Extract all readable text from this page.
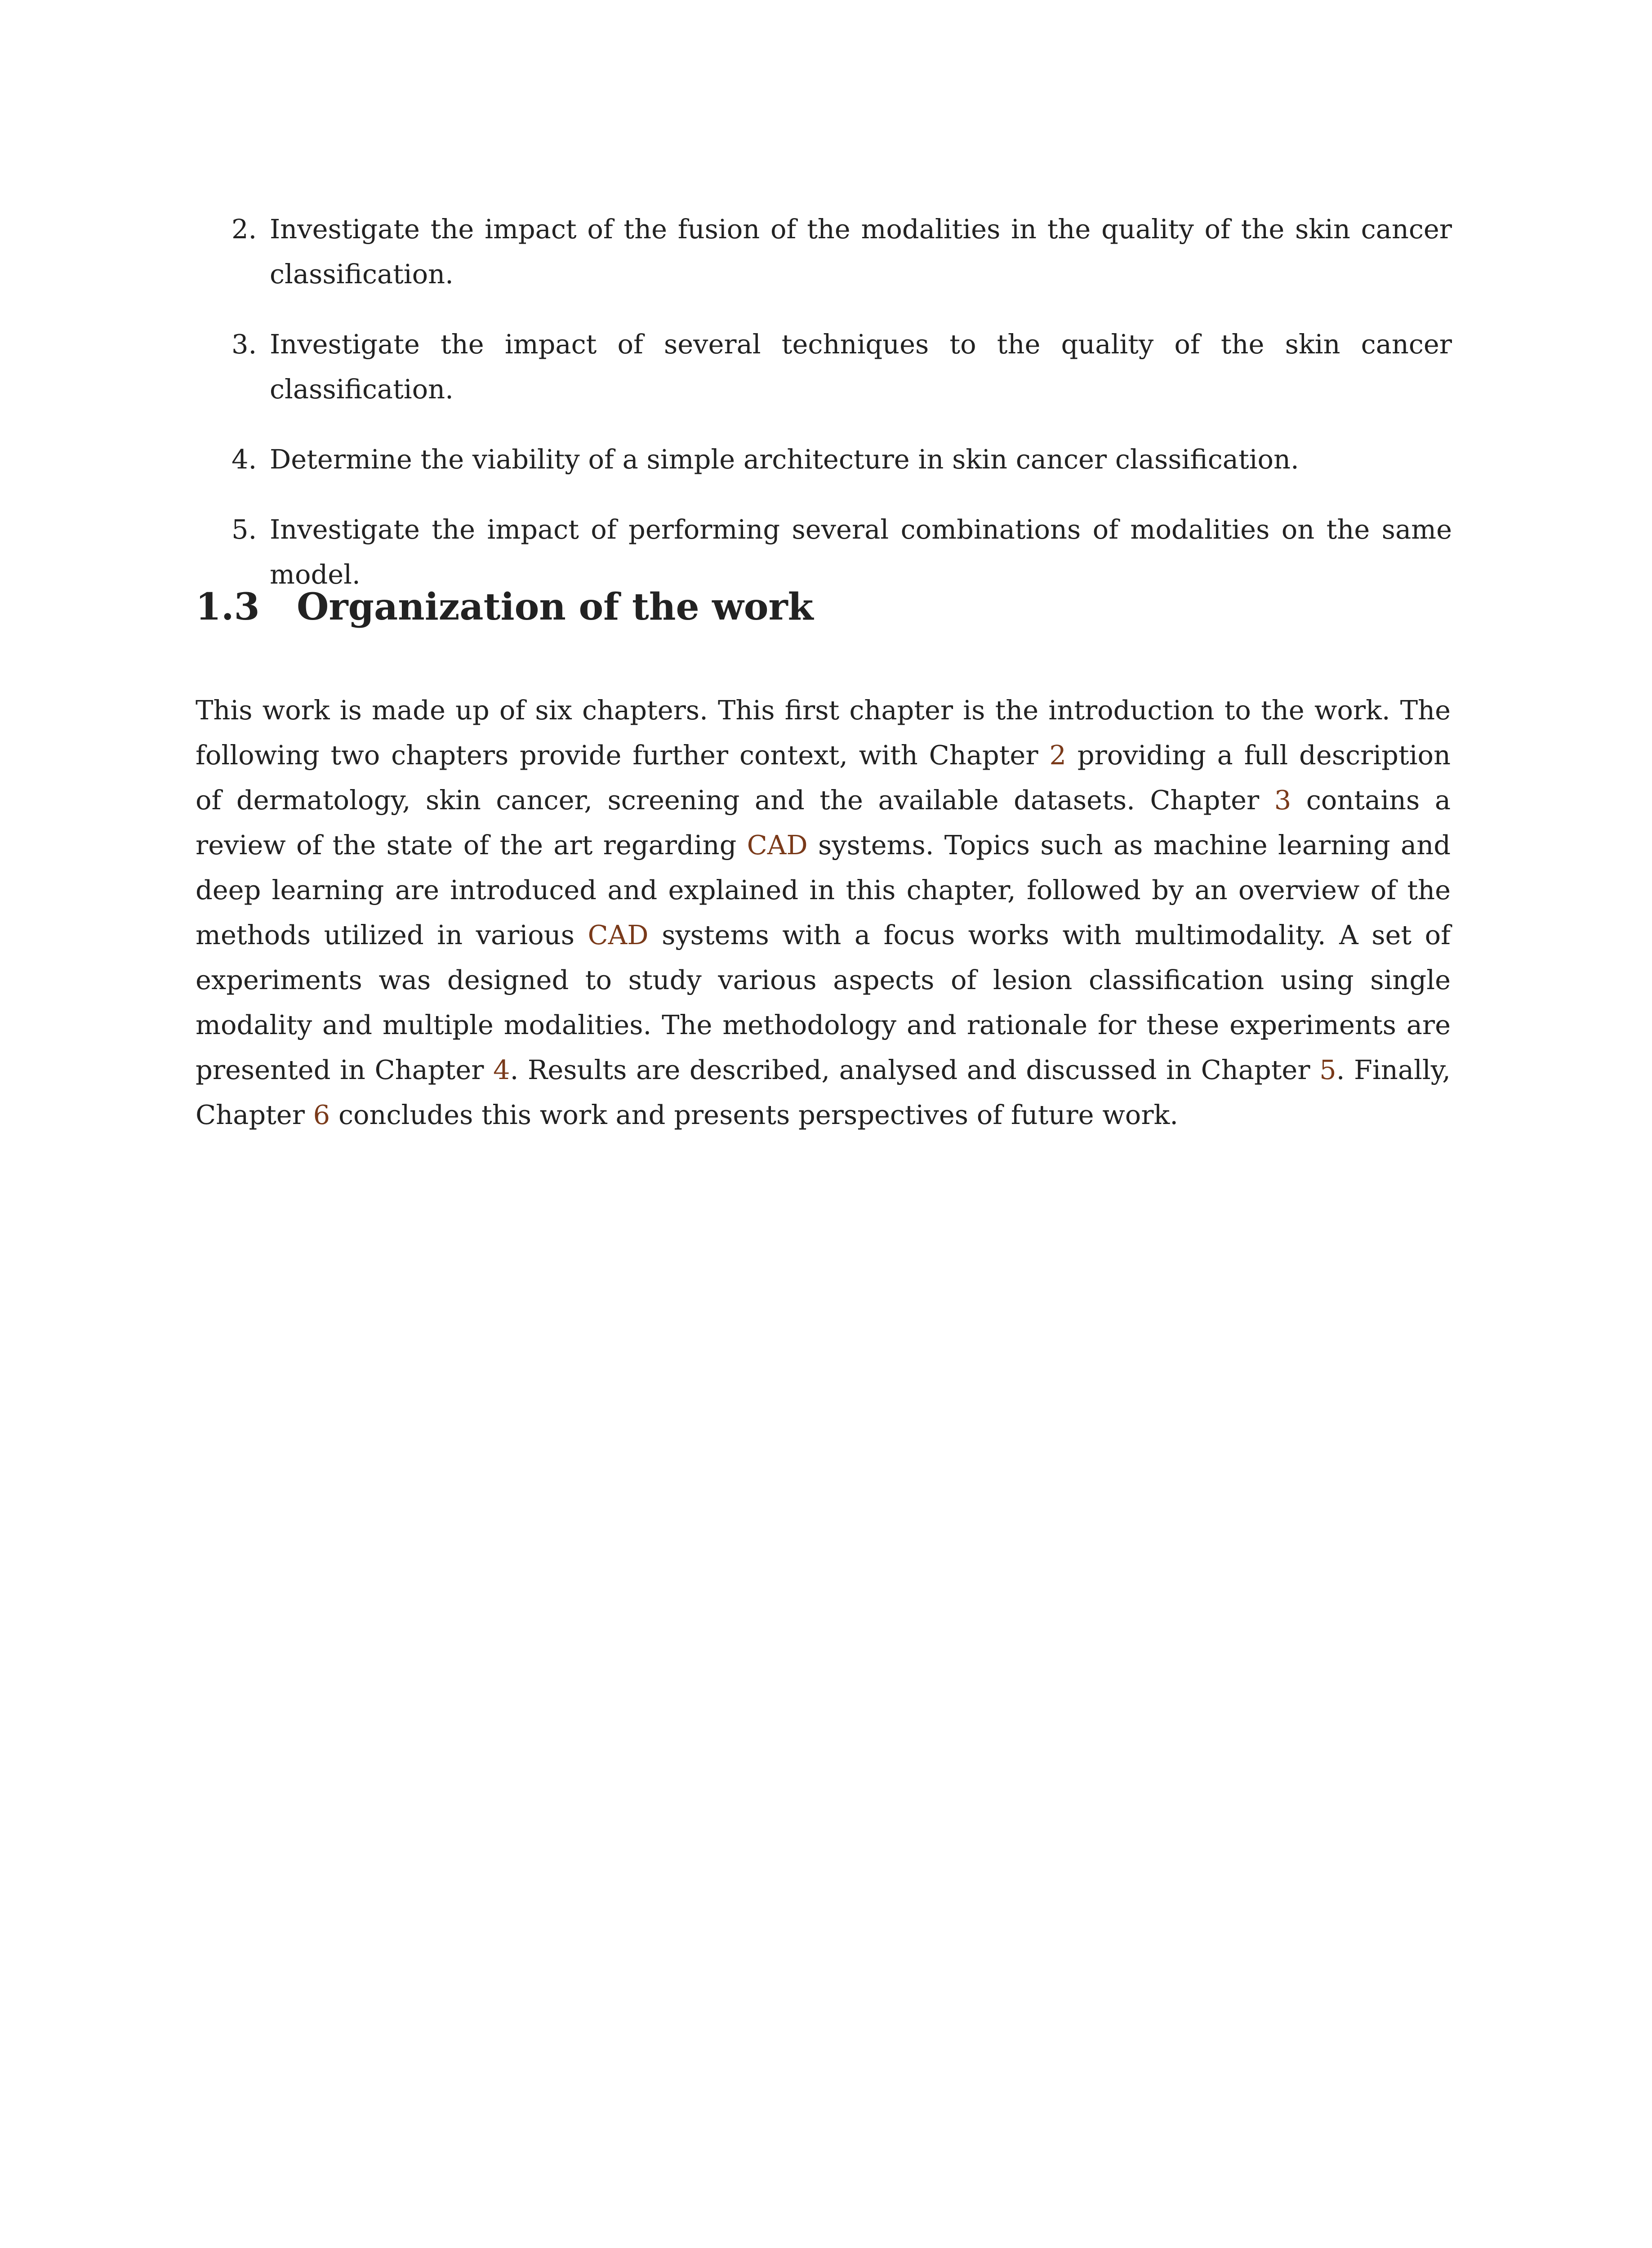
2. Investigate the impact of the fusion of the modalities in the quality of the skin cancer classification.
3. Investigate the impact of several techniques to the quality of the skin cancer classification.
4. Determine the viability of a simple architecture in skin cancer classification.
5. Investigate the impact of performing several combinations of modalities on the same model.
1.3 Organization of the work

This work is made up of six chapters. This first chapter is the introduction to the work. The following two chapters provide further context, with Chapter 2 providing a full description of dermatology, skin cancer, screening and the available datasets. Chapter 3 contains a review of the state of the art regarding CAD systems. Topics such as machine learning and deep learning are introduced and explained in this chapter, followed by an overview of the methods utilized in various CAD systems with a focus works with multimodality. A set of experiments was designed to study various aspects of lesion classification using single modality and multiple modalities. The methodology and rationale for these experiments are presented in Chapter 4. Results are described, analysed and discussed in Chapter 5. Finally, Chapter 6 concludes this work and presents perspectives of future work.
